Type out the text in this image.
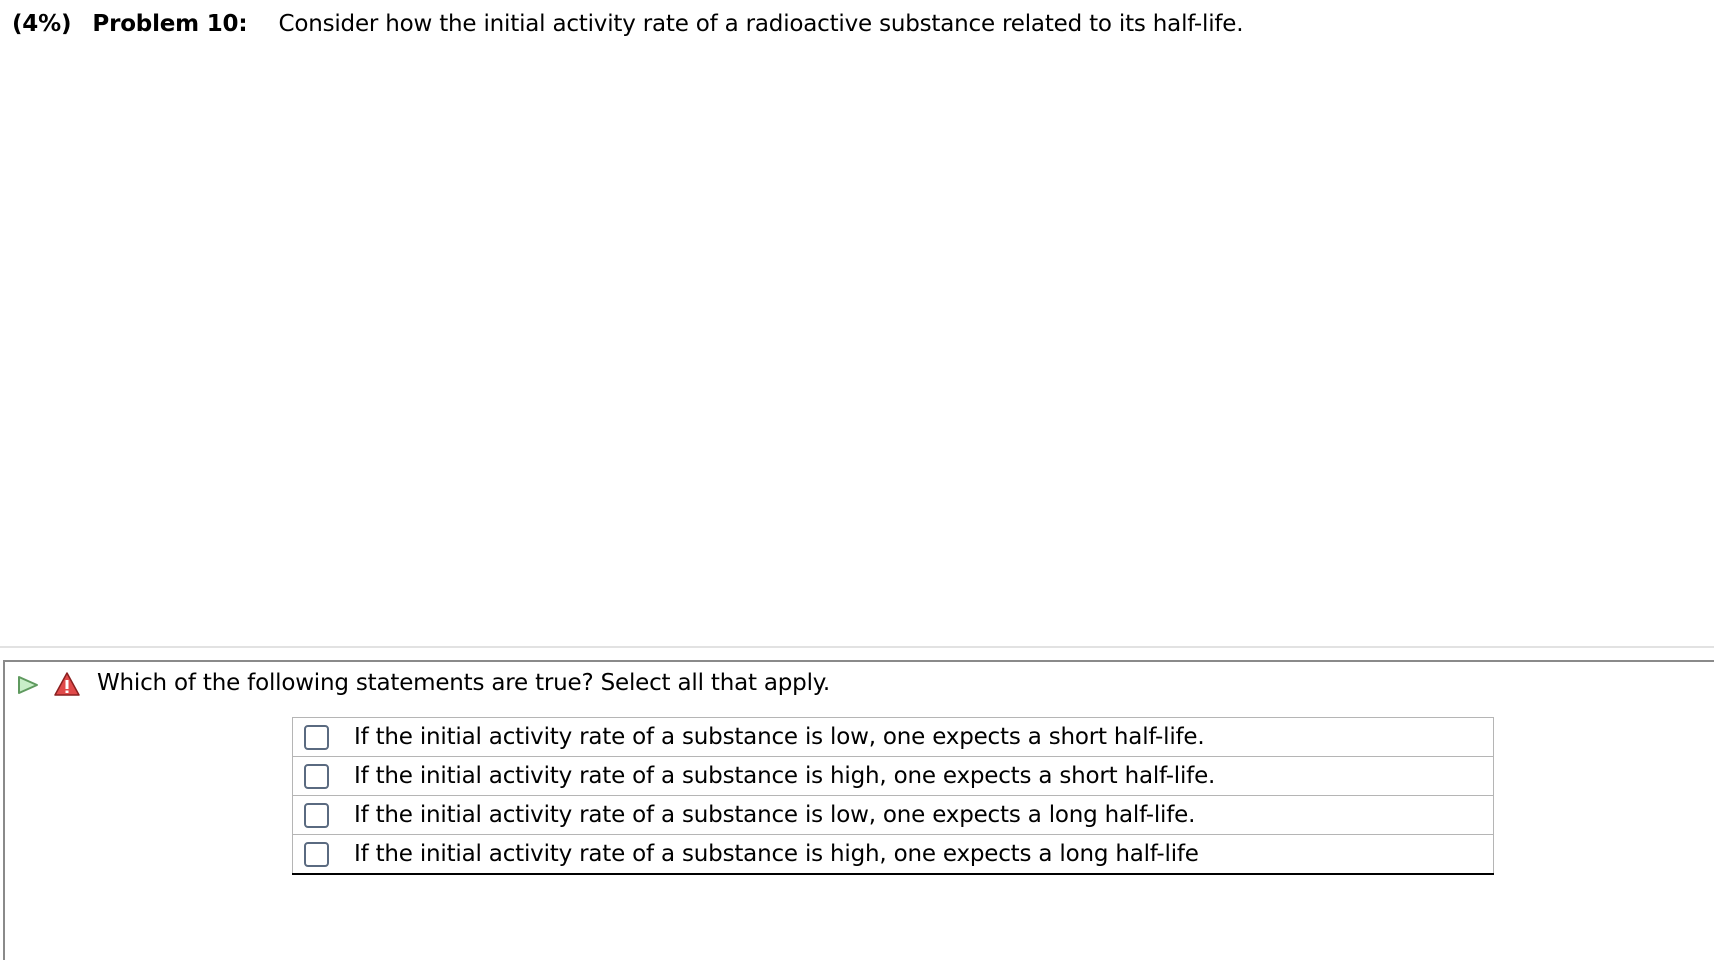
(4%) Problem 10: Consider how the initial activity rate of a radioactive substance related to its half-life.
Which of the following statements are true? Select all that apply.
	If the initial activity rate of a substance is low, one expects a short half-life.

	If the initial activity rate of a substance is high, one expects a short half-life.

	If the initial activity rate of a substance is low, one expects a long half-life.

	If the initial activity rate of a substance is high, one expects a long half-life
